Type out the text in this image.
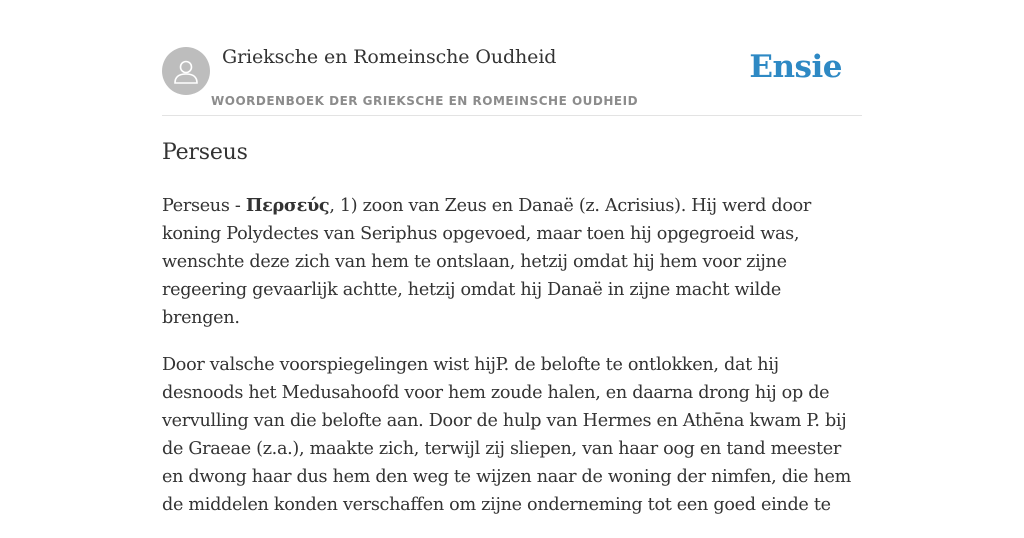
Grieksche en Romeinsche Oudheid
WOORDENBOEK DER GRIEKSCHE EN ROMEINSCHE OUDHEID
Ensie
Perseus

Perseus - Περσεύς, 1) zoon van Zeus en Danaë (z. Acrisius). Hij werd door koning Polydectes van Seriphus opgevoed, maar toen hij opgegroeid was, wenschte deze zich van hem te ontslaan, hetzij omdat hij hem voor zijne regeering gevaarlijk achtte, hetzij omdat hij Danaë in zijne macht wilde brengen.

Door valsche voorspiegelingen wist hijP. de belofte te ontlokken, dat hij desnoods het Medusahoofd voor hem zoude halen, en daarna drong hij op de vervulling van die belofte aan. Door de hulp van Hermes en Athēna kwam P. bij de Graeae (z.a.), maakte zich, terwijl zij sliepen, van haar oog en tand meester en dwong haar dus hem den weg te wijzen naar de woning der nimfen, die hem de middelen konden verschaffen om zijne onderneming tot een goed einde te
